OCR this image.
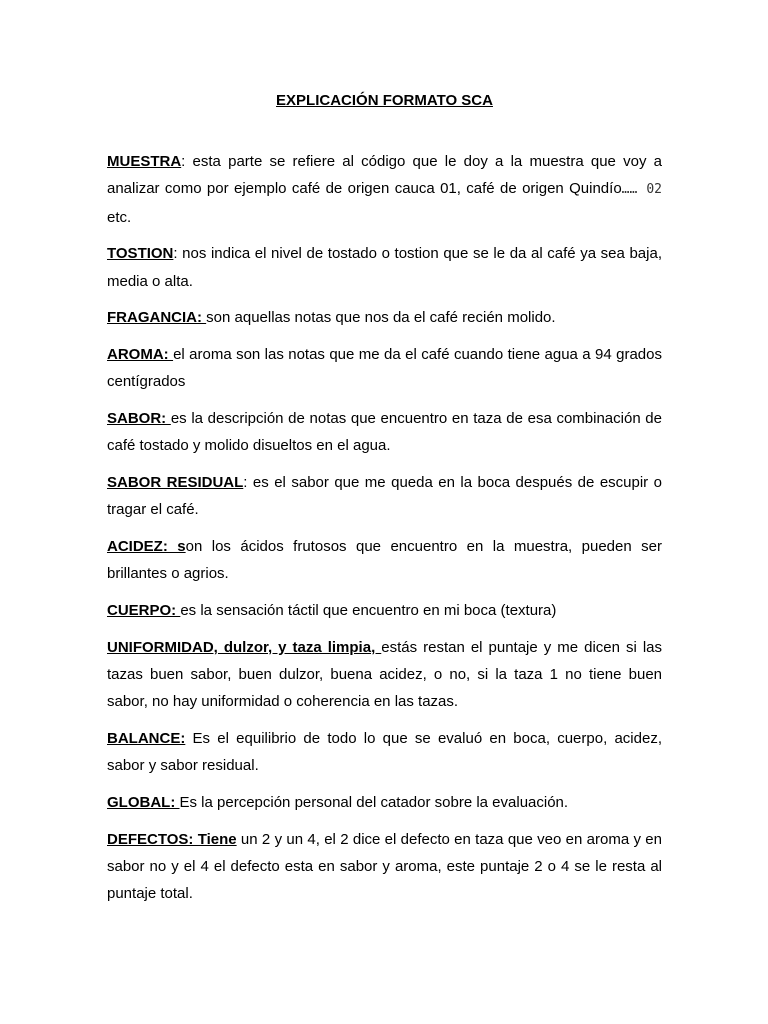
EXPLICACIÓN FORMATO SCA

MUESTRA: esta parte se refiere al código que le doy a la muestra que voy a analizar como por ejemplo café de origen cauca 01, café de origen Quindío…… 02 etc.

TOSTION: nos indica el nivel de tostado o tostion que se le da al café ya sea baja, media o alta.

FRAGANCIA: son aquellas notas que nos da el café recién molido.

AROMA: el aroma son las notas que me da el café cuando tiene agua a 94 grados centígrados

SABOR: es la descripción de notas que encuentro en taza de esa combinación de café tostado y molido disueltos en el agua.

SABOR RESIDUAL: es el sabor que me queda en la boca después de escupir o tragar el café.

ACIDEZ: son los ácidos frutosos que encuentro en la muestra, pueden ser brillantes o agrios.

CUERPO: es la sensación táctil que encuentro en mi boca (textura)

UNIFORMIDAD, dulzor, y taza limpia, estás restan el puntaje y me dicen si las tazas buen sabor, buen dulzor, buena acidez, o no, si la taza 1 no tiene buen sabor, no hay uniformidad o coherencia en las tazas.

BALANCE: Es el equilibrio de todo lo que se evaluó en boca, cuerpo, acidez, sabor y sabor residual.

GLOBAL: Es la percepción personal del catador sobre la evaluación.

DEFECTOS: Tiene un 2 y un 4, el 2 dice el defecto en taza que veo en aroma y en sabor no y el 4 el defecto esta en sabor y aroma, este puntaje 2 o 4 se le resta al puntaje total.
